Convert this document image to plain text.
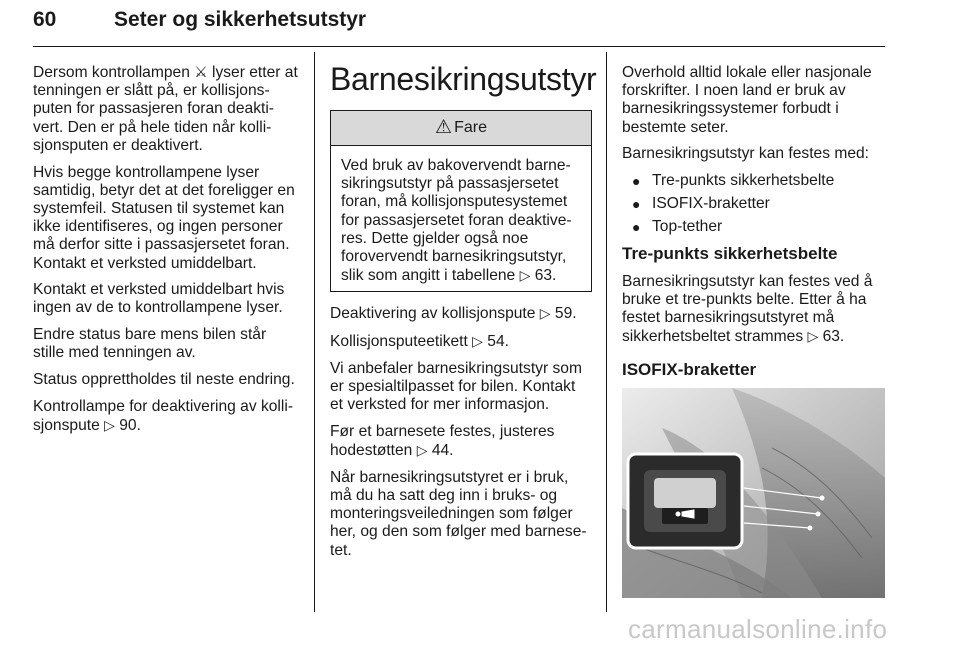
60	Seter og sikkerhetsutstyr

Dersom kontrollampen ⚔ lyser etter at tenningen er slått på, er kollisjons-puten for passasjeren foran deakti-vert. Den er på hele tiden når kolli-sjonsputen er deaktivert.

Hvis begge kontrollampene lyser samtidig, betyr det at det foreligger en systemfeil. Statusen til systemet kan ikke identifiseres, og ingen personer må derfor sitte i passasjersetet foran. Kontakt et verksted umiddelbart.

Kontakt et verksted umiddelbart hvis ingen av de to kontrollampene lyser.

Endre status bare mens bilen står stille med tenningen av.

Status opprettholdes til neste endring.

Kontrollampe for deaktivering av kolli-sjonspute ▷ 90.

Barnesikringsutstyr
⚠ Fare
Ved bruk av bakovervendt barne-sikringsutstyr på passasjersetet foran, må kollisjonsputesystemet for passasjersetet foran deaktive-res. Dette gjelder også noe forovervendt barnesikringsutstyr, slik som angitt i tabellene ▷ 63.

Deaktivering av kollisjonspute ▷ 59.

Kollisjonsputeetikett ▷ 54.

Vi anbefaler barnesikringsutstyr som er spesialtilpasset for bilen. Kontakt et verksted for mer informasjon.

Før et barnesete festes, justeres hodestøtten ▷ 44.

Når barnesikringsutstyret er i bruk, må du ha satt deg inn i bruks- og monteringsveiledningen som følger her, og den som følger med barnese-tet.

Overhold alltid lokale eller nasjonale forskrifter. I noen land er bruk av barnesikringssystemer forbudt i bestemte seter.

Barnesikringsutstyr kan festes med:

● Tre-punkts sikkerhetsbelte
● ISOFIX-braketter
● Top-tether
Tre-punkts sikkerhetsbelte

Barnesikringsutstyr kan festes ved å bruke et tre-punkts belte. Etter å ha festet barnesikringsutstyret må sikkerhetsbeltet strammes ▷ 63.

ISOFIX-braketter
carmanualsonline.info
